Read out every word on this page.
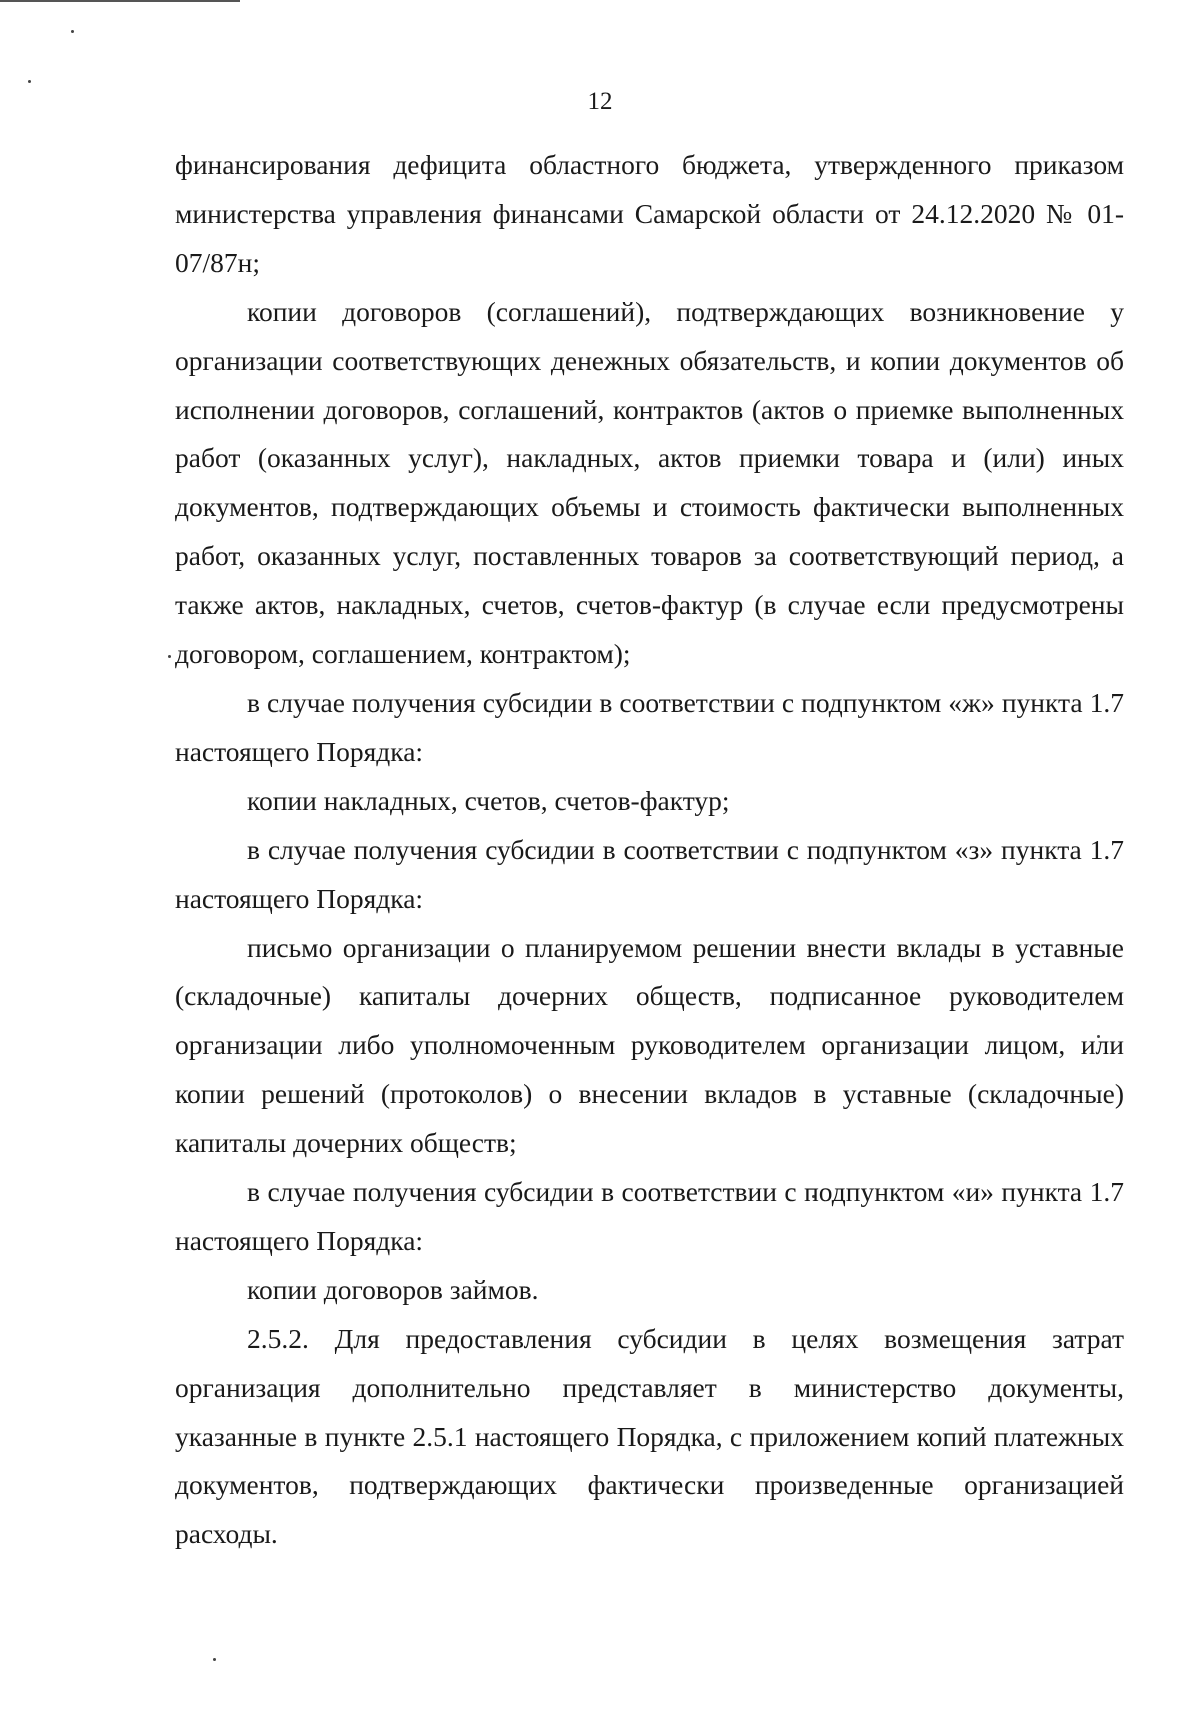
12

финансирования дефицита областного бюджета, утвержденного приказом министерства управления финансами Самарской области от 24.12.2020 № 01-07/87н;

копии договоров (соглашений), подтверждающих возникновение у организации соответствующих денежных обязательств, и копии документов об исполнении договоров, соглашений, контрактов (актов о приемке выполненных работ (оказанных услуг), накладных, актов приемки товара и (или) иных документов, подтверждающих объемы и стоимость фактически выполненных работ, оказанных услуг, поставленных товаров за соответствующий период, а также актов, накладных, счетов, счетов-фактур (в случае если предусмотрены договором, соглашением, контрактом);

в случае получения субсидии в соответствии с подпунктом «ж» пункта 1.7 настоящего Порядка:

копии накладных, счетов, счетов-фактур;

в случае получения субсидии в соответствии с подпунктом «з» пункта 1.7 настоящего Порядка:

письмо организации о планируемом решении внести вклады в уставные (складочные) капиталы дочерних обществ, подписанное руководителем организации либо уполномоченным руководителем организации лицом, или копии решений (протоколов) о внесении вкладов в уставные (складочные) капиталы дочерних обществ;

в случае получения субсидии в соответствии с подпунктом «и» пункта 1.7 настоящего Порядка:

копии договоров займов.

2.5.2. Для предоставления субсидии в целях возмещения затрат организация дополнительно представляет в министерство документы, указанные в пункте 2.5.1 настоящего Порядка, с приложением копий платежных документов, подтверждающих фактически произведенные организацией расходы.
